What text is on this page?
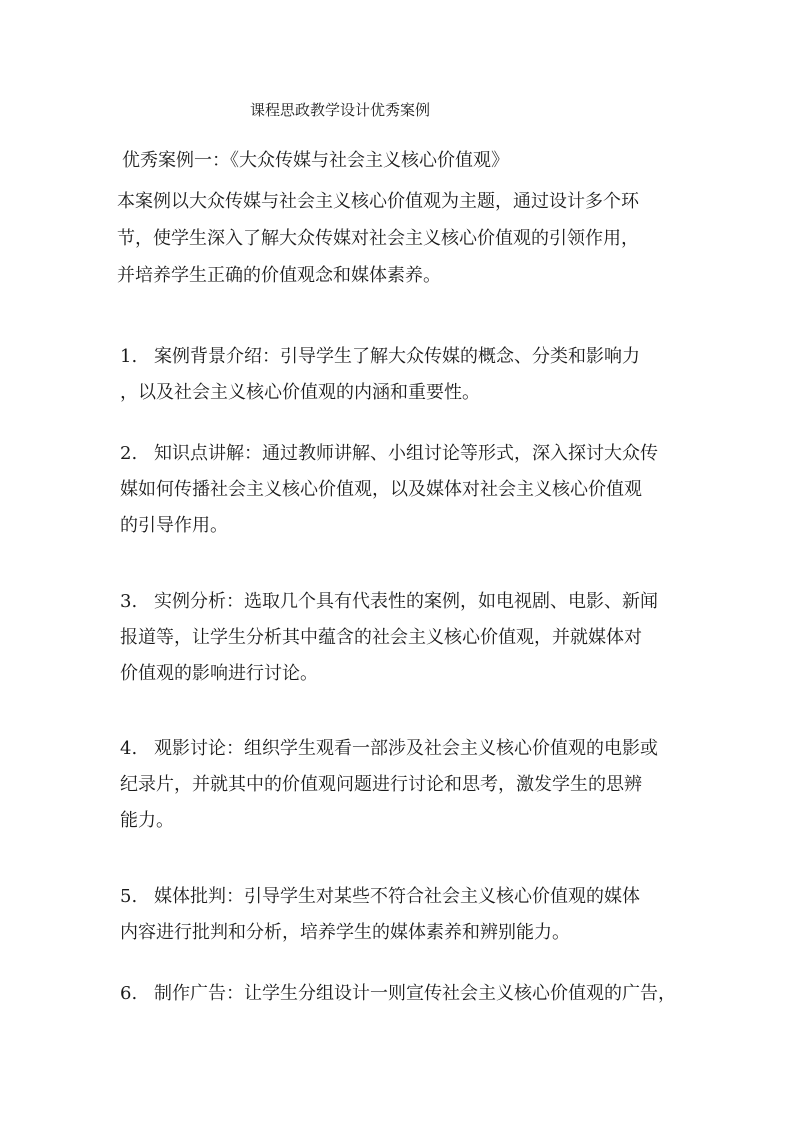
课程思政教学设计优秀案例
优秀案例一：《大众传媒与社会主义核心价值观》
本案例以大众传媒与社会主义核心价值观为主题，通过设计多个环
节，使学生深入了解大众传媒对社会主义核心价值观的引领作用，
并培养学生正确的价值观念和媒体素养。
1. 案例背景介绍：引导学生了解大众传媒的概念、分类和影响力
，以及社会主义核心价值观的内涵和重要性。
2. 知识点讲解：通过教师讲解、小组讨论等形式，深入探讨大众传
媒如何传播社会主义核心价值观，以及媒体对社会主义核心价值观
的引导作用。
3. 实例分析：选取几个具有代表性的案例，如电视剧、电影、新闻
报道等，让学生分析其中蕴含的社会主义核心价值观，并就媒体对
价值观的影响进行讨论。
4. 观影讨论：组织学生观看一部涉及社会主义核心价值观的电影或
纪录片，并就其中的价值观问题进行讨论和思考，激发学生的思辨
能力。
5. 媒体批判：引导学生对某些不符合社会主义核心价值观的媒体
内容进行批判和分析，培养学生的媒体素养和辨别能力。
6. 制作广告：让学生分组设计一则宣传社会主义核心价值观的广告，
